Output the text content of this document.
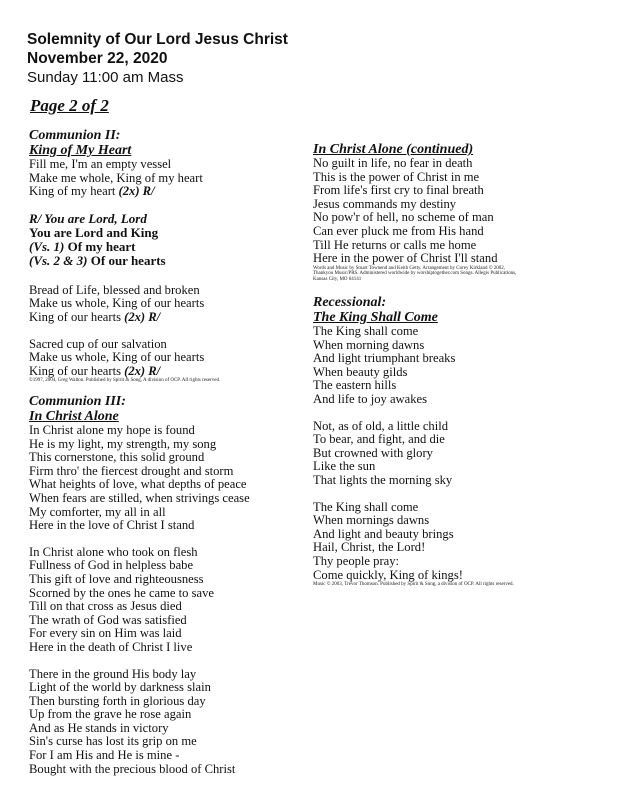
Solemnity of Our Lord Jesus Christ
November 22, 2020
Sunday 11:00 am Mass
Page 2 of 2
Communion II:
King of My Heart
Fill me, I'm an empty vessel
Make me whole, King of my heart
King of my heart (2x) R/
R/ You are Lord, Lord
You are Lord and King
(Vs. 1) Of my heart
(Vs. 2 & 3) Of our hearts
Bread of Life, blessed and broken
Make us whole, King of our hearts
King of our hearts (2x) R/
Sacred cup of our salvation
Make us whole, King of our hearts
King of our hearts (2x) R/
©1997, 2004, Greg Walton. Published by Spirit & Song, A division of OCP. All rights reserved.
Communion III:
In Christ Alone
In Christ alone my hope is found
He is my light, my strength, my song
This cornerstone, this solid ground
Firm thro' the fiercest drought and storm
What heights of love, what depths of peace
When fears are stilled, when strivings cease
My comforter, my all in all
Here in the love of Christ I stand
In Christ alone who took on flesh
Fullness of God in helpless babe
This gift of love and righteousness
Scorned by the ones he came to save
Till on that cross as Jesus died
The wrath of God was satisfied
For every sin on Him was laid
Here in the death of Christ I live
There in the ground His body lay
Light of the world by darkness slain
Then bursting forth in glorious day
Up from the grave he rose again
And as He stands in victory
Sin's curse has lost its grip on me
For I am His and He is mine -
Bought with the precious blood of Christ
In Christ Alone (continued)
No guilt in life, no fear in death
This is the power of Christ in me
From life's first cry to final breath
Jesus commands my destiny
No pow'r of hell, no scheme of man
Can ever pluck me from His hand
Till He returns or calls me home
Here in the power of Christ I'll stand
Words and Music by Stuart Townend and Keith Getty. Arrangement by Corey Kirkland © 2002, Thankyou Music/PRS. Administered worldwide by worshiptogether.com Songs. Allegis Publications, Kansas City, MO 64141
Recessional:
The King Shall Come
The King shall come
When morning dawns
And light triumphant breaks
When beauty gilds
The eastern hills
And life to joy awakes
Not, as of old, a little child
To bear, and fight, and die
But crowned with glory
Like the sun
That lights the morning sky
The King shall come
When mornings dawns
And light and beauty brings
Hail, Christ, the Lord!
Thy people pray:
Come quickly, King of kings!
Music © 2003, Trevor Thomson. Published by Spirit & Song, a division of OCP. All rights reserved.
